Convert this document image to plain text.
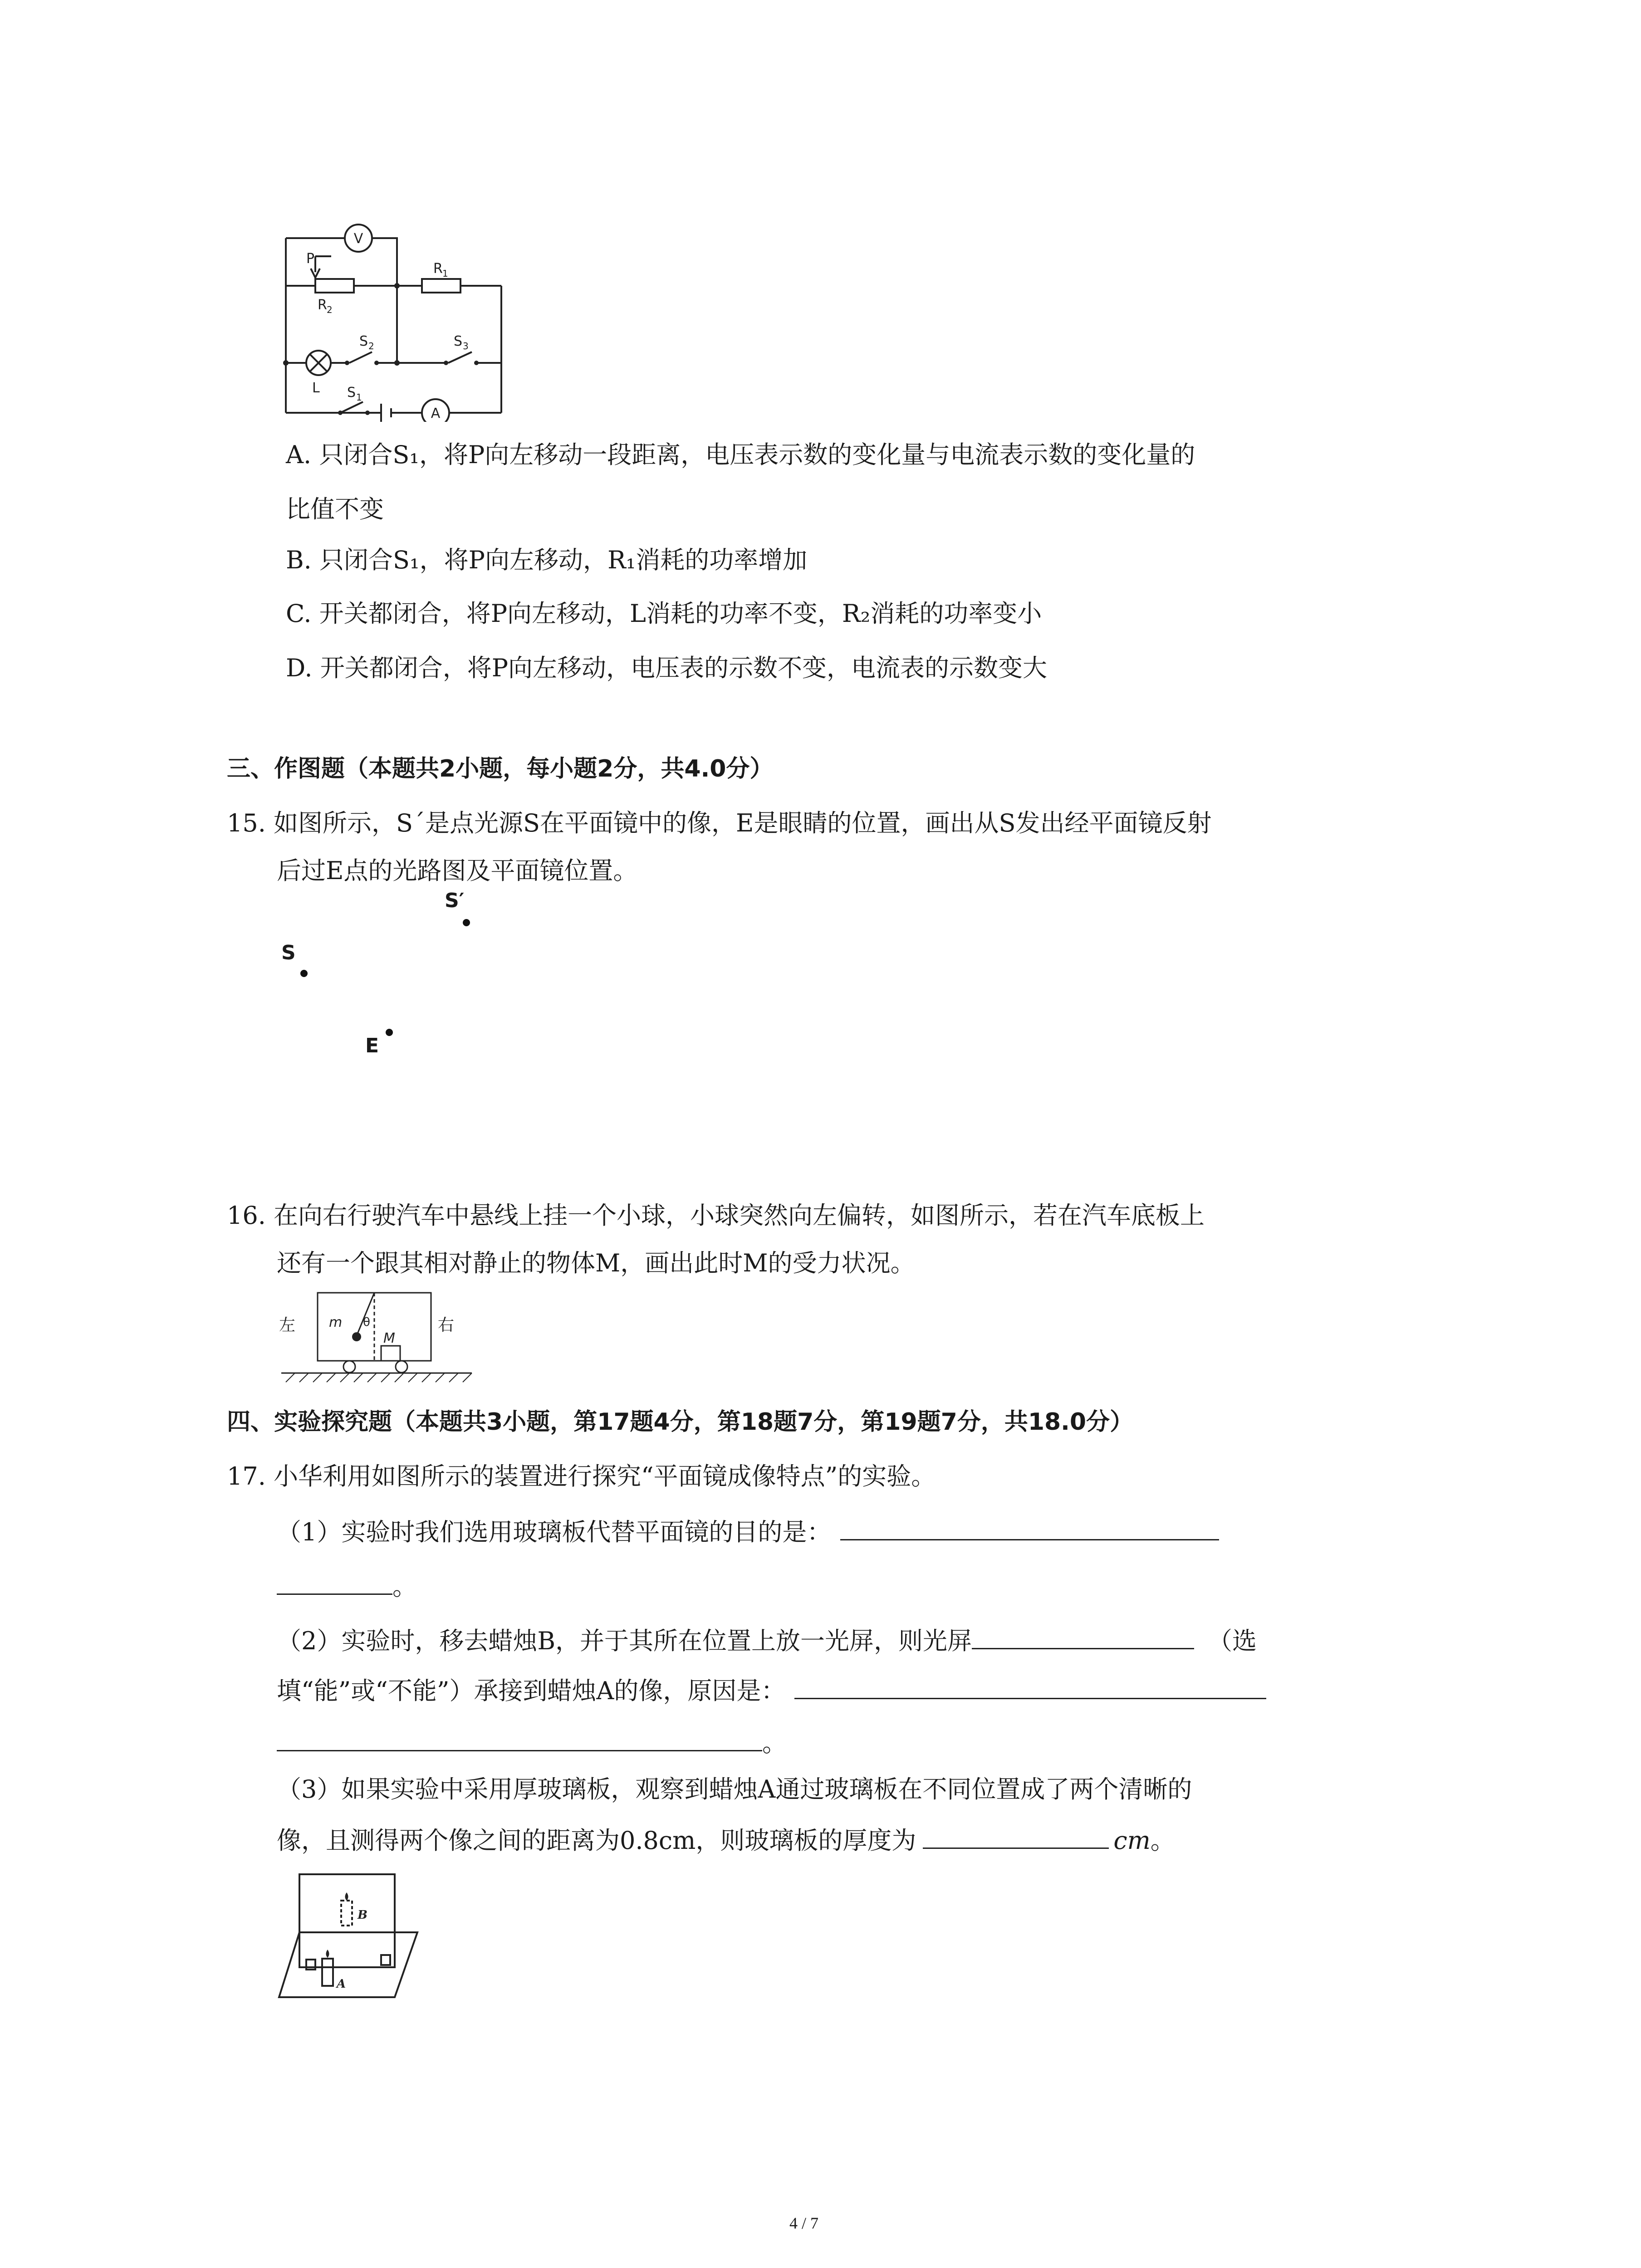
V
A
P
R 2
R 1
L
S 2	S 3
S 1
A. 只闭合S₁，将P向左移动一段距离，电压表示数的变化量与电流表示数的变化量的
比值不变
B. 只闭合S₁，将P向左移动，R₁消耗的功率增加
C. 开关都闭合，将P向左移动，L消耗的功率不变，R₂消耗的功率变小
D. 开关都闭合，将P向左移动，电压表的示数不变，电流表的示数变大
三、作图题（本题共2小题，每小题2分，共4.0分）
15. 如图所示，S´是点光源S在平面镜中的像，E是眼睛的位置，画出从S发出经平面镜反射
后过E点的光路图及平面镜位置。
S′
S
E
16. 在向右行驶汽车中悬线上挂一个小球，小球突然向左偏转，如图所示，若在汽车底板上
还有一个跟其相对静止的物体M，画出此时M的受力状况。
左	右
m θ
M
四、实验探究题（本题共3小题，第17题4分，第18题7分，第19题7分，共18.0分）
17. 小华利用如图所示的装置进行探究“平面镜成像特点”的实验。
（1）实验时我们选用玻璃板代替平面镜的目的是：
。
（2）实验时，移去蜡烛B，并于其所在位置上放一光屏，则光屏	（选
填“能”或“不能”）承接到蜡烛A的像，原因是：
。
（3）如果实验中采用厚玻璃板，观察到蜡烛A通过玻璃板在不同位置成了两个清晰的
像，且测得两个像之间的距离为0.8cm，则玻璃板的厚度为	cm。
B
A
4 / 7
